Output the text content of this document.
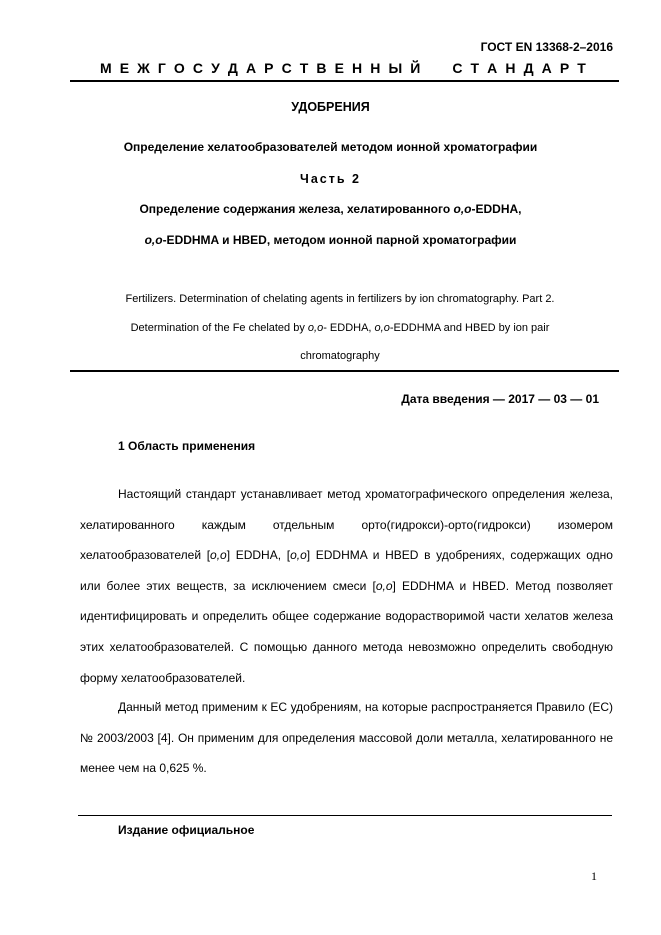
ГОСТ EN 13368-2–2016
М Е Ж Г О С У Д А Р С Т В Е Н Н Ы Й

С Т А Н Д А Р Т
УДОБРЕНИЯ
Определение хелатообразователей методом ионной хроматографии
Часть 2
Определение содержания железа, хелатированного о,о-EDDHA,
о,о-EDDHMA и HBED, методом ионной парной хроматографии
Fertilizers. Determination of chelating agents in fertilizers by ion chromatography. Part 2.
Determination of the Fe chelated by o,o- EDDHA, o,o-EDDHMA and HBED by ion pair
chromatography
Дата введения — 2017 — 03 — 01
1 Область применения

Настоящий стандарт устанавливает метод хроматографического определения железа, хелатированного каждым отдельным орто(гидрокси)-орто(гидрокси) изомером хелатообразователей [о,о] EDDHA, [о,о] EDDHMA и HBED в удобрениях, содержащих одно или более этих веществ, за исключением смеси [о,о] EDDHMA и HBED. Метод позволяет идентифицировать и определить общее содержание водорастворимой части хелатов железа этих хелатообразователей. С помощью данного метода невозможно определить свободную форму хелатообразователей.

Данный метод применим к ЕС удобрениям, на которые распространяется Правило (ЕС) № 2003/2003 [4]. Он применим для определения массовой доли металла, хелатированного не менее чем на 0,625 %.

Издание официальное
1
